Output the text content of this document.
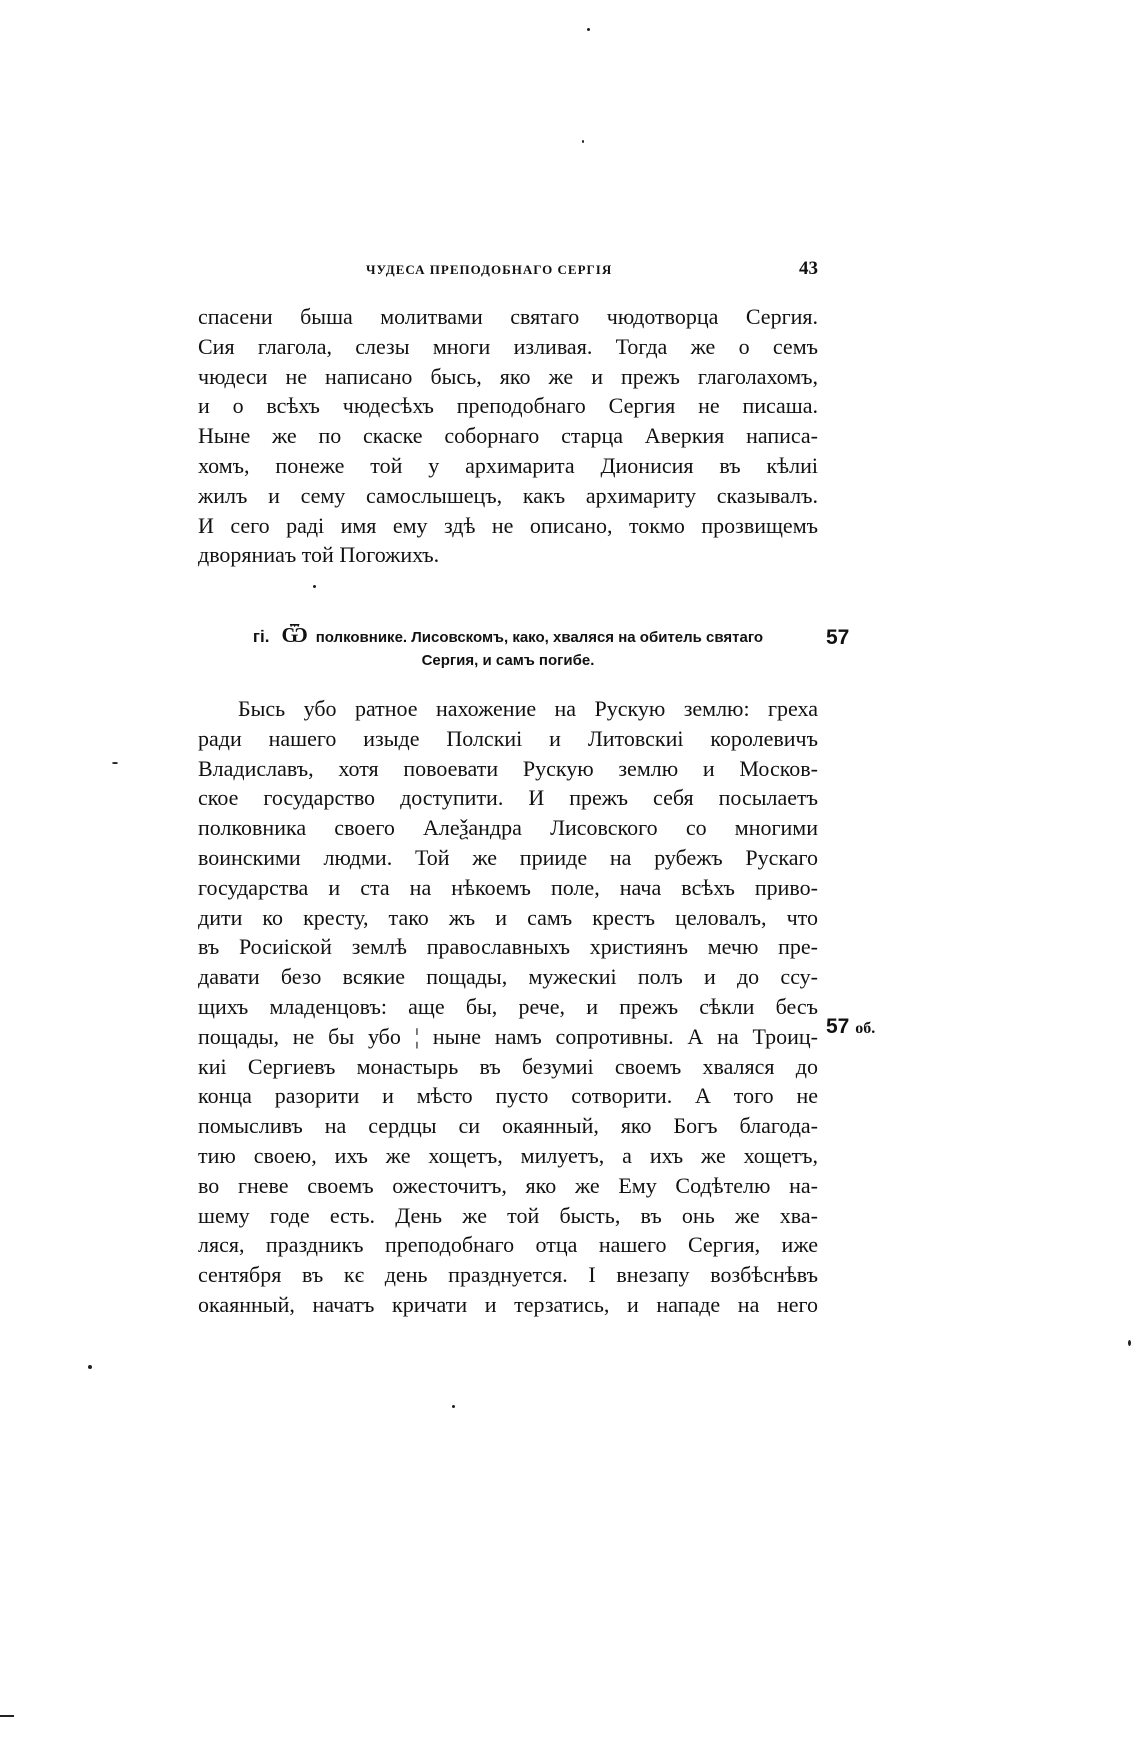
ЧУДЕСА ПРЕПОДОБНАГО СЕРГІЯ	43

спасени быша молитвами святаго чюдотворца Сергия.
Сия глагола, слезы многи изливая. Тогда же о семъ
чюдеси не написано бысь, яко же и прежъ глаголахомъ,
и о всѣхъ чюдесѣхъ преподобнаго Сергия не писаша.
Ныне же по скаске соборнаго старца Аверкия написа-
хомъ, понеже той у архимарита Дионисия въ кѣлиі
жилъ и сему самослышецъ, какъ архимариту сказывалъ.
И сего раді имя ему здѣ не описано, токмо прозвищемъ
дворяниаъ той Погожихъ.

гі. Ѿ полковнике. Лисовскомъ, како, хваляся на обитель святаго
Сергия, и самъ погибе.
57

Бысь убо ратное нахожение на Рускую землю: греха
ради нашего изыде Полскиі и Литовскиі королевичъ
Владиславъ, хотя повоевати Рускую землю и Москов-
ское государство доступити. И прежъ себя посылаетъ
полковника своего Алеѯандра Лисовского со многими
воинскими людми. Той же прииде на рубежъ Рускаго
государства и ста на нѣкоемъ поле, нача всѣхъ приво-
дити ко кресту, тако жъ и самъ крестъ целовалъ, что
въ Росиіской землѣ православныхъ християнъ мечю пре-
давати безо всякие пощады, мужескиі полъ и до ссу-
щихъ младенцовъ: аще бы, рече, и прежъ сѣкли бесъ
пощады, не бы убо ¦ ныне намъ сопротивны. А на Троиц-
киі Сергиевъ монастырь въ безумиі своемъ хваляся до
конца разорити и мѣсто пусто сотворити. А того не
помысливъ на сердцы си окаянный, яко Богъ благода-
тию своею, ихъ же хощетъ, милуетъ, а ихъ же хощетъ,
во гневе своемъ ожесточитъ, яко же Ему Содѣтелю на-
шему годе есть. День же той бысть, въ онь же хва-
ляся, праздникъ преподобнаго отца нашего Сергия, иже
сентября въ кє день празднуется. І внезапу возбѣснѣвъ
окаянный, начатъ кричати и терзатись, и нападе на него

57 об.
